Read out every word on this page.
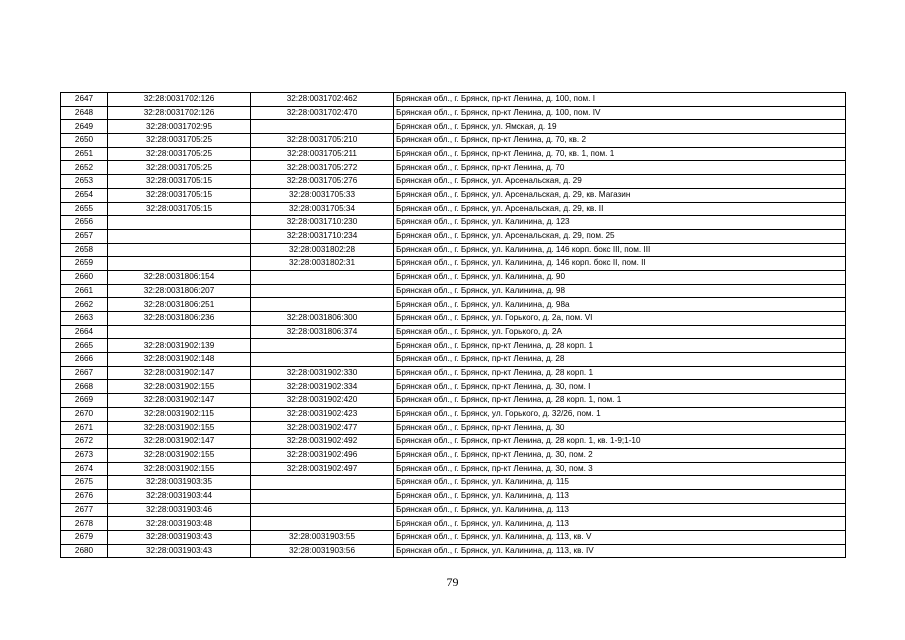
2647	32:28:0031702:126	32:28:0031702:462	Брянская обл., г. Брянск, пр-кт Ленина, д. 100, пом. I
2648	32:28:0031702:126	32:28:0031702:470	Брянская обл., г. Брянск, пр-кт Ленина, д. 100, пом. IV
2649	32:28:0031702:95		Брянская обл., г. Брянск, ул. Ямская, д. 19
2650	32:28:0031705:25	32:28:0031705:210	Брянская обл., г. Брянск, пр-кт Ленина, д. 70, кв. 2
2651	32:28:0031705:25	32:28:0031705:211	Брянская обл., г. Брянск, пр-кт Ленина, д. 70, кв. 1, пом. 1
2652	32:28:0031705:25	32:28:0031705:272	Брянская обл., г. Брянск, пр-кт Ленина, д. 70
2653	32:28:0031705:15	32:28:0031705:276	Брянская обл., г. Брянск, ул. Арсенальская, д. 29
2654	32:28:0031705:15	32:28:0031705:33	Брянская обл., г. Брянск, ул. Арсенальская, д. 29, кв. Магазин
2655	32:28:0031705:15	32:28:0031705:34	Брянская обл., г. Брянск, ул. Арсенальская, д. 29, кв. II
2656		32:28:0031710:230	Брянская обл., г. Брянск, ул. Калинина, д. 123
2657		32:28:0031710:234	Брянская обл., г. Брянск, ул. Арсенальская, д. 29, пом. 25
2658		32:28:0031802:28	Брянская обл., г. Брянск, ул. Калинина, д. 146 корп. бокс III, пом. III
2659		32:28:0031802:31	Брянская обл., г. Брянск, ул. Калинина, д. 146 корп. бокс II, пом. II
2660	32:28:0031806:154		Брянская обл., г. Брянск, ул. Калинина, д. 90
2661	32:28:0031806:207		Брянская обл., г. Брянск, ул. Калинина, д. 98
2662	32:28:0031806:251		Брянская обл., г. Брянск, ул. Калинина, д. 98а
2663	32:28:0031806:236	32:28:0031806:300	Брянская обл., г. Брянск, ул. Горького, д. 2а, пом. VI
2664		32:28:0031806:374	Брянская обл., г. Брянск, ул. Горького, д. 2А
2665	32:28:0031902:139		Брянская обл., г. Брянск, пр-кт Ленина, д. 28 корп. 1
2666	32:28:0031902:148		Брянская обл., г. Брянск, пр-кт Ленина, д. 28
2667	32:28:0031902:147	32:28:0031902:330	Брянская обл., г. Брянск, пр-кт Ленина, д. 28 корп. 1
2668	32:28:0031902:155	32:28:0031902:334	Брянская обл., г. Брянск, пр-кт Ленина, д. 30, пом. I
2669	32:28:0031902:147	32:28:0031902:420	Брянская обл., г. Брянск, пр-кт Ленина, д. 28 корп. 1, пом. 1
2670	32:28:0031902:115	32:28:0031902:423	Брянская обл., г. Брянск, ул. Горького, д. 32/26, пом. 1
2671	32:28:0031902:155	32:28:0031902:477	Брянская обл., г. Брянск, пр-кт Ленина, д. 30
2672	32:28:0031902:147	32:28:0031902:492	Брянская обл., г. Брянск, пр-кт Ленина, д. 28 корп. 1, кв. 1-9;1-10
2673	32:28:0031902:155	32:28:0031902:496	Брянская обл., г. Брянск, пр-кт Ленина, д. 30, пом. 2
2674	32:28:0031902:155	32:28:0031902:497	Брянская обл., г. Брянск, пр-кт Ленина, д. 30, пом. 3
2675	32:28:0031903:35		Брянская обл., г. Брянск, ул. Калинина, д. 115
2676	32:28:0031903:44		Брянская обл., г. Брянск, ул. Калинина, д. 113
2677	32:28:0031903:46		Брянская обл., г. Брянск, ул. Калинина, д. 113
2678	32:28:0031903:48		Брянская обл., г. Брянск, ул. Калинина, д. 113
2679	32:28:0031903:43	32:28:0031903:55	Брянская обл., г. Брянск, ул. Калинина, д. 113, кв. V
2680	32:28:0031903:43	32:28:0031903:56	Брянская обл., г. Брянск, ул. Калинина, д. 113, кв. IV
79
